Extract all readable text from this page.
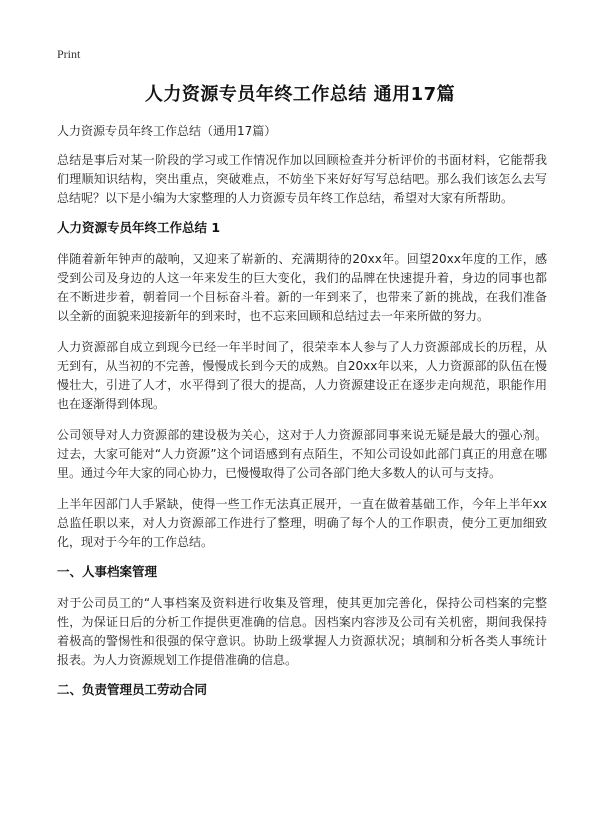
Print
人力资源专员年终工作总结 通用17篇
人力资源专员年终工作总结（通用17篇）

总结是事后对某一阶段的学习或工作情况作加以回顾检查并分析评价的书面材料，它能帮我们理顺知识结构，突出重点，突破难点，不妨坐下来好好写写总结吧。那么我们该怎么去写总结呢？以下是小编为大家整理的人力资源专员年终工作总结，希望对大家有所帮助。

人力资源专员年终工作总结 1

伴随着新年钟声的敲响，又迎来了崭新的、充满期待的20xx年。回望20xx年度的工作，感受到公司及身边的人这一年来发生的巨大变化，我们的品牌在快速提升着，身边的同事也都在不断进步着，朝着同一个目标奋斗着。新的一年到来了，也带来了新的挑战，在我们准备以全新的面貌来迎接新年的到来时，也不忘来回顾和总结过去一年来所做的努力。

人力资源部自成立到现今已经一年半时间了，很荣幸本人参与了人力资源部成长的历程，从无到有，从当初的不完善，慢慢成长到今天的成熟。自20xx年以来，人力资源部的队伍在慢慢壮大，引进了人才，水平得到了很大的提高，人力资源建设正在逐步走向规范，职能作用也在逐渐得到体现。

公司领导对人力资源部的建设极为关心，这对于人力资源部同事来说无疑是最大的强心剂。过去，大家可能对“人力资源”这个词语感到有点陌生，不知公司设如此部门真正的用意在哪里。通过今年大家的同心协力，已慢慢取得了公司各部门绝大多数人的认可与支持。

上半年因部门人手紧缺，使得一些工作无法真正展开，一直在做着基础工作，今年上半年xx总监任职以来，对人力资源部工作进行了整理，明确了每个人的工作职责，使分工更加细致化，现对于今年的工作总结。

一、人事档案管理

对于公司员工的“人事档案及资料进行收集及管理，使其更加完善化，保持公司档案的完整性，为保证日后的分析工作提供更准确的信息。因档案内容涉及公司有关机密，期间我保持着极高的警惕性和很强的保守意识。协助上级掌握人力资源状况；填制和分析各类人事统计报表。为人力资源规划工作提借准确的信息。

二、负责管理员工劳动合同
